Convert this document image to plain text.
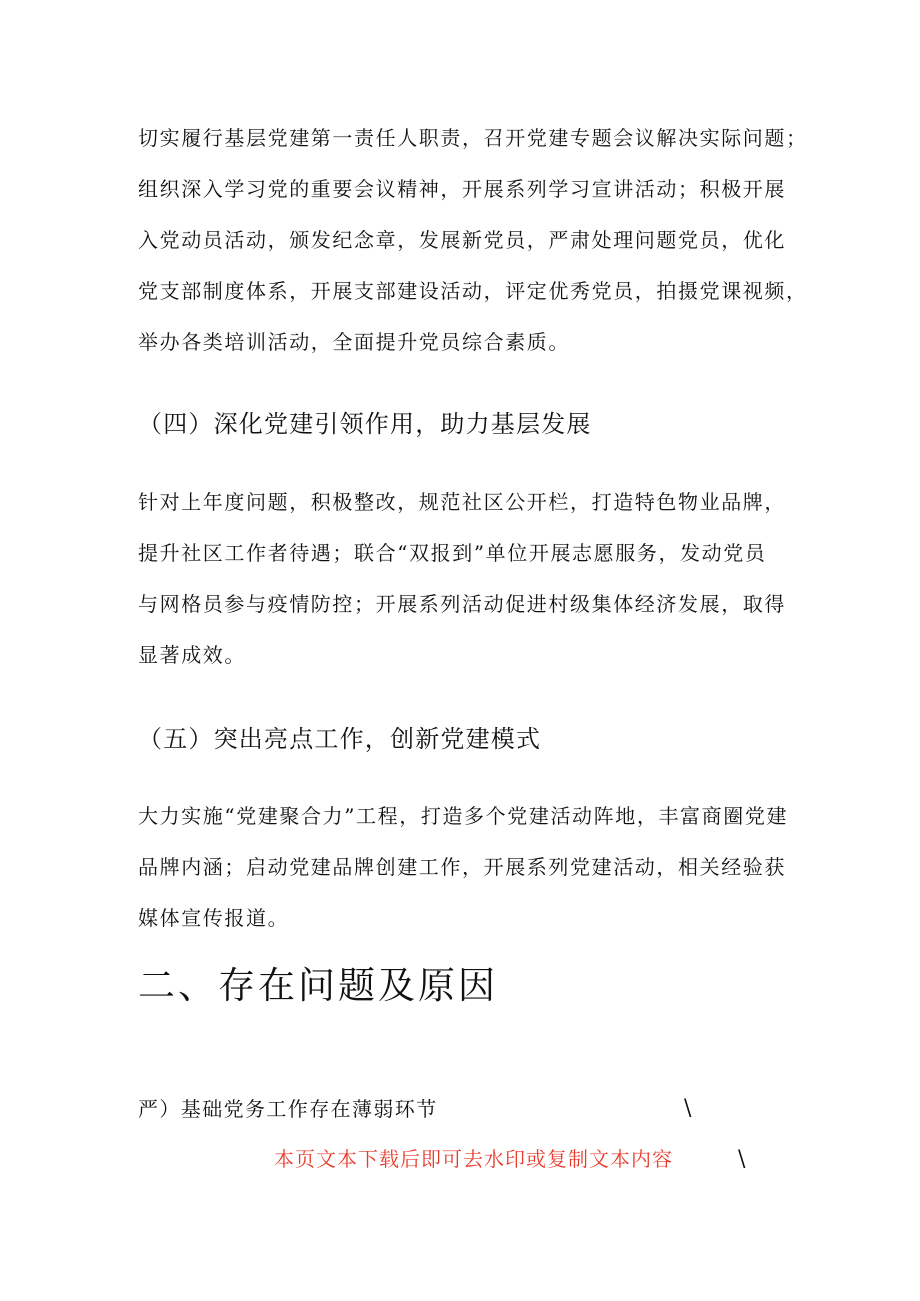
切实履行基层党建第一责任人职责，召开党建专题会议解决实际问题；
组织深入学习党的重要会议精神，开展系列学习宣讲活动；积极开展
入党动员活动，颁发纪念章，发展新党员，严肃处理问题党员，优化
党支部制度体系，开展支部建设活动，评定优秀党员，拍摄党课视频，
举办各类培训活动，全面提升党员综合素质。
（四）深化党建引领作用，助力基层发展
针对上年度问题，积极整改，规范社区公开栏，打造特色物业品牌，
提升社区工作者待遇；联合“双报到”单位开展志愿服务，发动党员
与网格员参与疫情防控；开展系列活动促进村级集体经济发展，取得
显著成效。
（五）突出亮点工作，创新党建模式
大力实施“党建聚合力”工程，打造多个党建活动阵地，丰富商圈党建
品牌内涵；启动党建品牌创建工作，开展系列党建活动，相关经验获
媒体宣传报道。
二、存在问题及原因

严）基础党务工作存在薄弱环节	\

本页文本下载后即可去水印或复制文本内容	\
